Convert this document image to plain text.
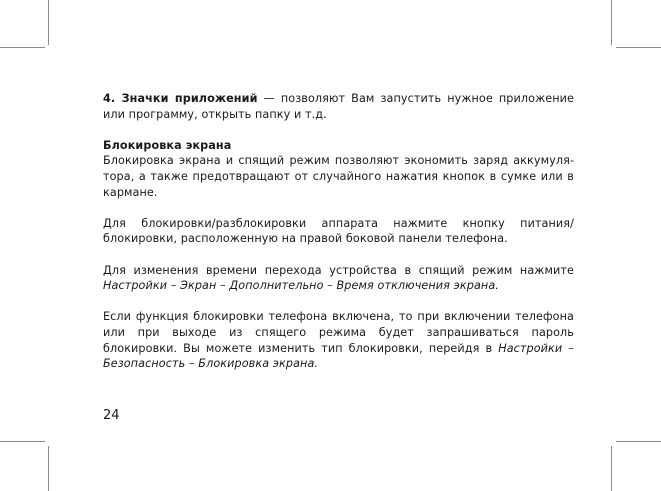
4. Значки приложений — позволяют Вам запустить нужное приложение или программу, открыть папку и т.д.

Блокировка экрана

Блокировка экрана и спящий режим позволяют экономить заряд аккумулятора, а также предотвращают от случайного нажатия кнопок в сумке или в кармане.

Для блокировки/разблокировки аппарата нажмите кнопку питания/блокировки, расположенную на правой боковой панели телефона.

Для изменения времени перехода устройства в спящий режим нажмите Настройки – Экран – Дополнительно – Время отключения экрана.

Если функция блокировки телефона включена, то при включении телефона или при выходе из спящего режима будет запрашиваться пароль блокировки. Вы можете изменить тип блокировки, перейдя в Настройки – Безопасность – Блокировка экрана.

24
